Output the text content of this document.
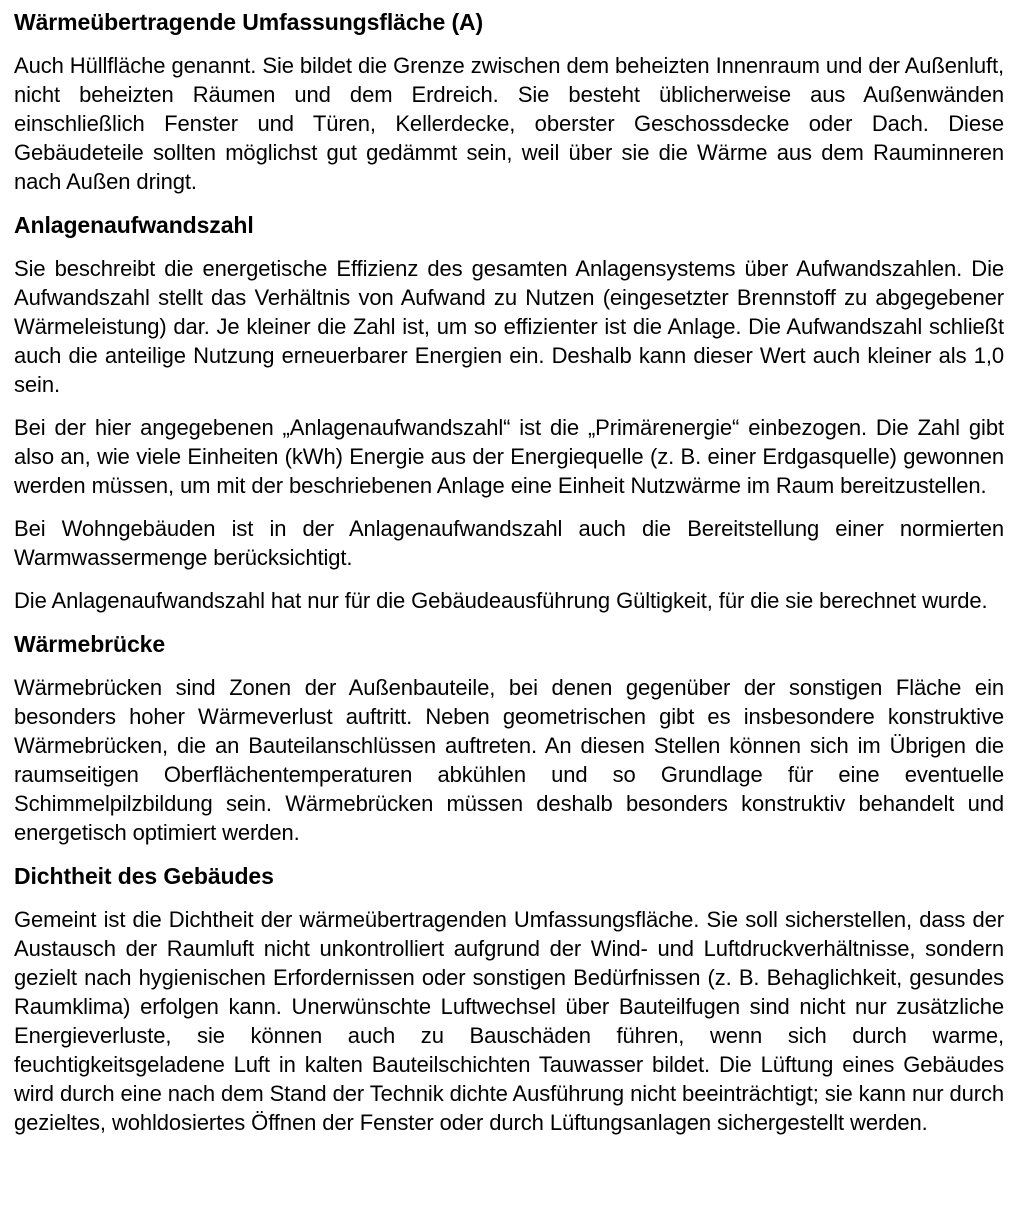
Wärmeübertragende Umfassungsfläche (A)

Auch Hüllfläche genannt. Sie bildet die Grenze zwischen dem beheizten Innenraum und der Außenluft, nicht beheizten Räumen und dem Erdreich. Sie besteht üblicherweise aus Außenwänden einschließlich Fenster und Türen, Kellerdecke, oberster Geschossdecke oder Dach. Diese Gebäudeteile sollten möglichst gut gedämmt sein, weil über sie die Wärme aus dem Rauminneren nach Außen dringt.

Anlagenaufwandszahl

Sie beschreibt die energetische Effizienz des gesamten Anlagensystems über Aufwandszahlen. Die Aufwandszahl stellt das Verhältnis von Aufwand zu Nutzen (eingesetzter Brennstoff zu abgegebener Wärmeleistung) dar. Je kleiner die Zahl ist, um so effizienter ist die Anlage. Die Aufwandszahl schließt auch die anteilige Nutzung erneuerbarer Energien ein. Deshalb kann dieser Wert auch kleiner als 1,0 sein.

Bei der hier angegebenen „Anlagenaufwandszahl“ ist die „Primärenergie“ einbezogen. Die Zahl gibt also an, wie viele Einheiten (kWh) Energie aus der Energiequelle (z. B. einer Erdgasquelle) gewonnen werden müssen, um mit der beschriebenen Anlage eine Einheit Nutzwärme im Raum bereitzustellen.

Bei Wohngebäuden ist in der Anlagenaufwandszahl auch die Bereitstellung einer normierten Warmwassermenge berücksichtigt.

Die Anlagenaufwandszahl hat nur für die Gebäudeausführung Gültigkeit, für die sie berechnet wurde.

Wärmebrücke

Wärmebrücken sind Zonen der Außenbauteile, bei denen gegenüber der sonstigen Fläche ein besonders hoher Wärmeverlust auftritt. Neben geometrischen gibt es insbesondere konstruktive Wärmebrücken, die an Bauteilanschlüssen auftreten. An diesen Stellen können sich im Übrigen die raumseitigen Oberflächentemperaturen abkühlen und so Grundlage für eine eventuelle Schimmelpilzbildung sein. Wärmebrücken müssen deshalb besonders konstruktiv behandelt und energetisch optimiert werden.

Dichtheit des Gebäudes

Gemeint ist die Dichtheit der wärmeübertragenden Umfassungsfläche. Sie soll sicherstellen, dass der Austausch der Raumluft nicht unkontrolliert aufgrund der Wind- und Luftdruckverhältnisse, sondern gezielt nach hygienischen Erfordernissen oder sonstigen Bedürfnissen (z. B. Behaglichkeit, gesundes Raumklima) erfolgen kann. Unerwünschte Luftwechsel über Bauteilfugen sind nicht nur zusätzliche Energieverluste, sie können auch zu Bauschäden führen, wenn sich durch warme, feuchtigkeitsgeladene Luft in kalten Bauteilschichten Tauwasser bildet. Die Lüftung eines Gebäudes wird durch eine nach dem Stand der Technik dichte Ausführung nicht beeinträchtigt; sie kann nur durch gezieltes, wohldosiertes Öffnen der Fenster oder durch Lüftungsanlagen sichergestellt werden.
